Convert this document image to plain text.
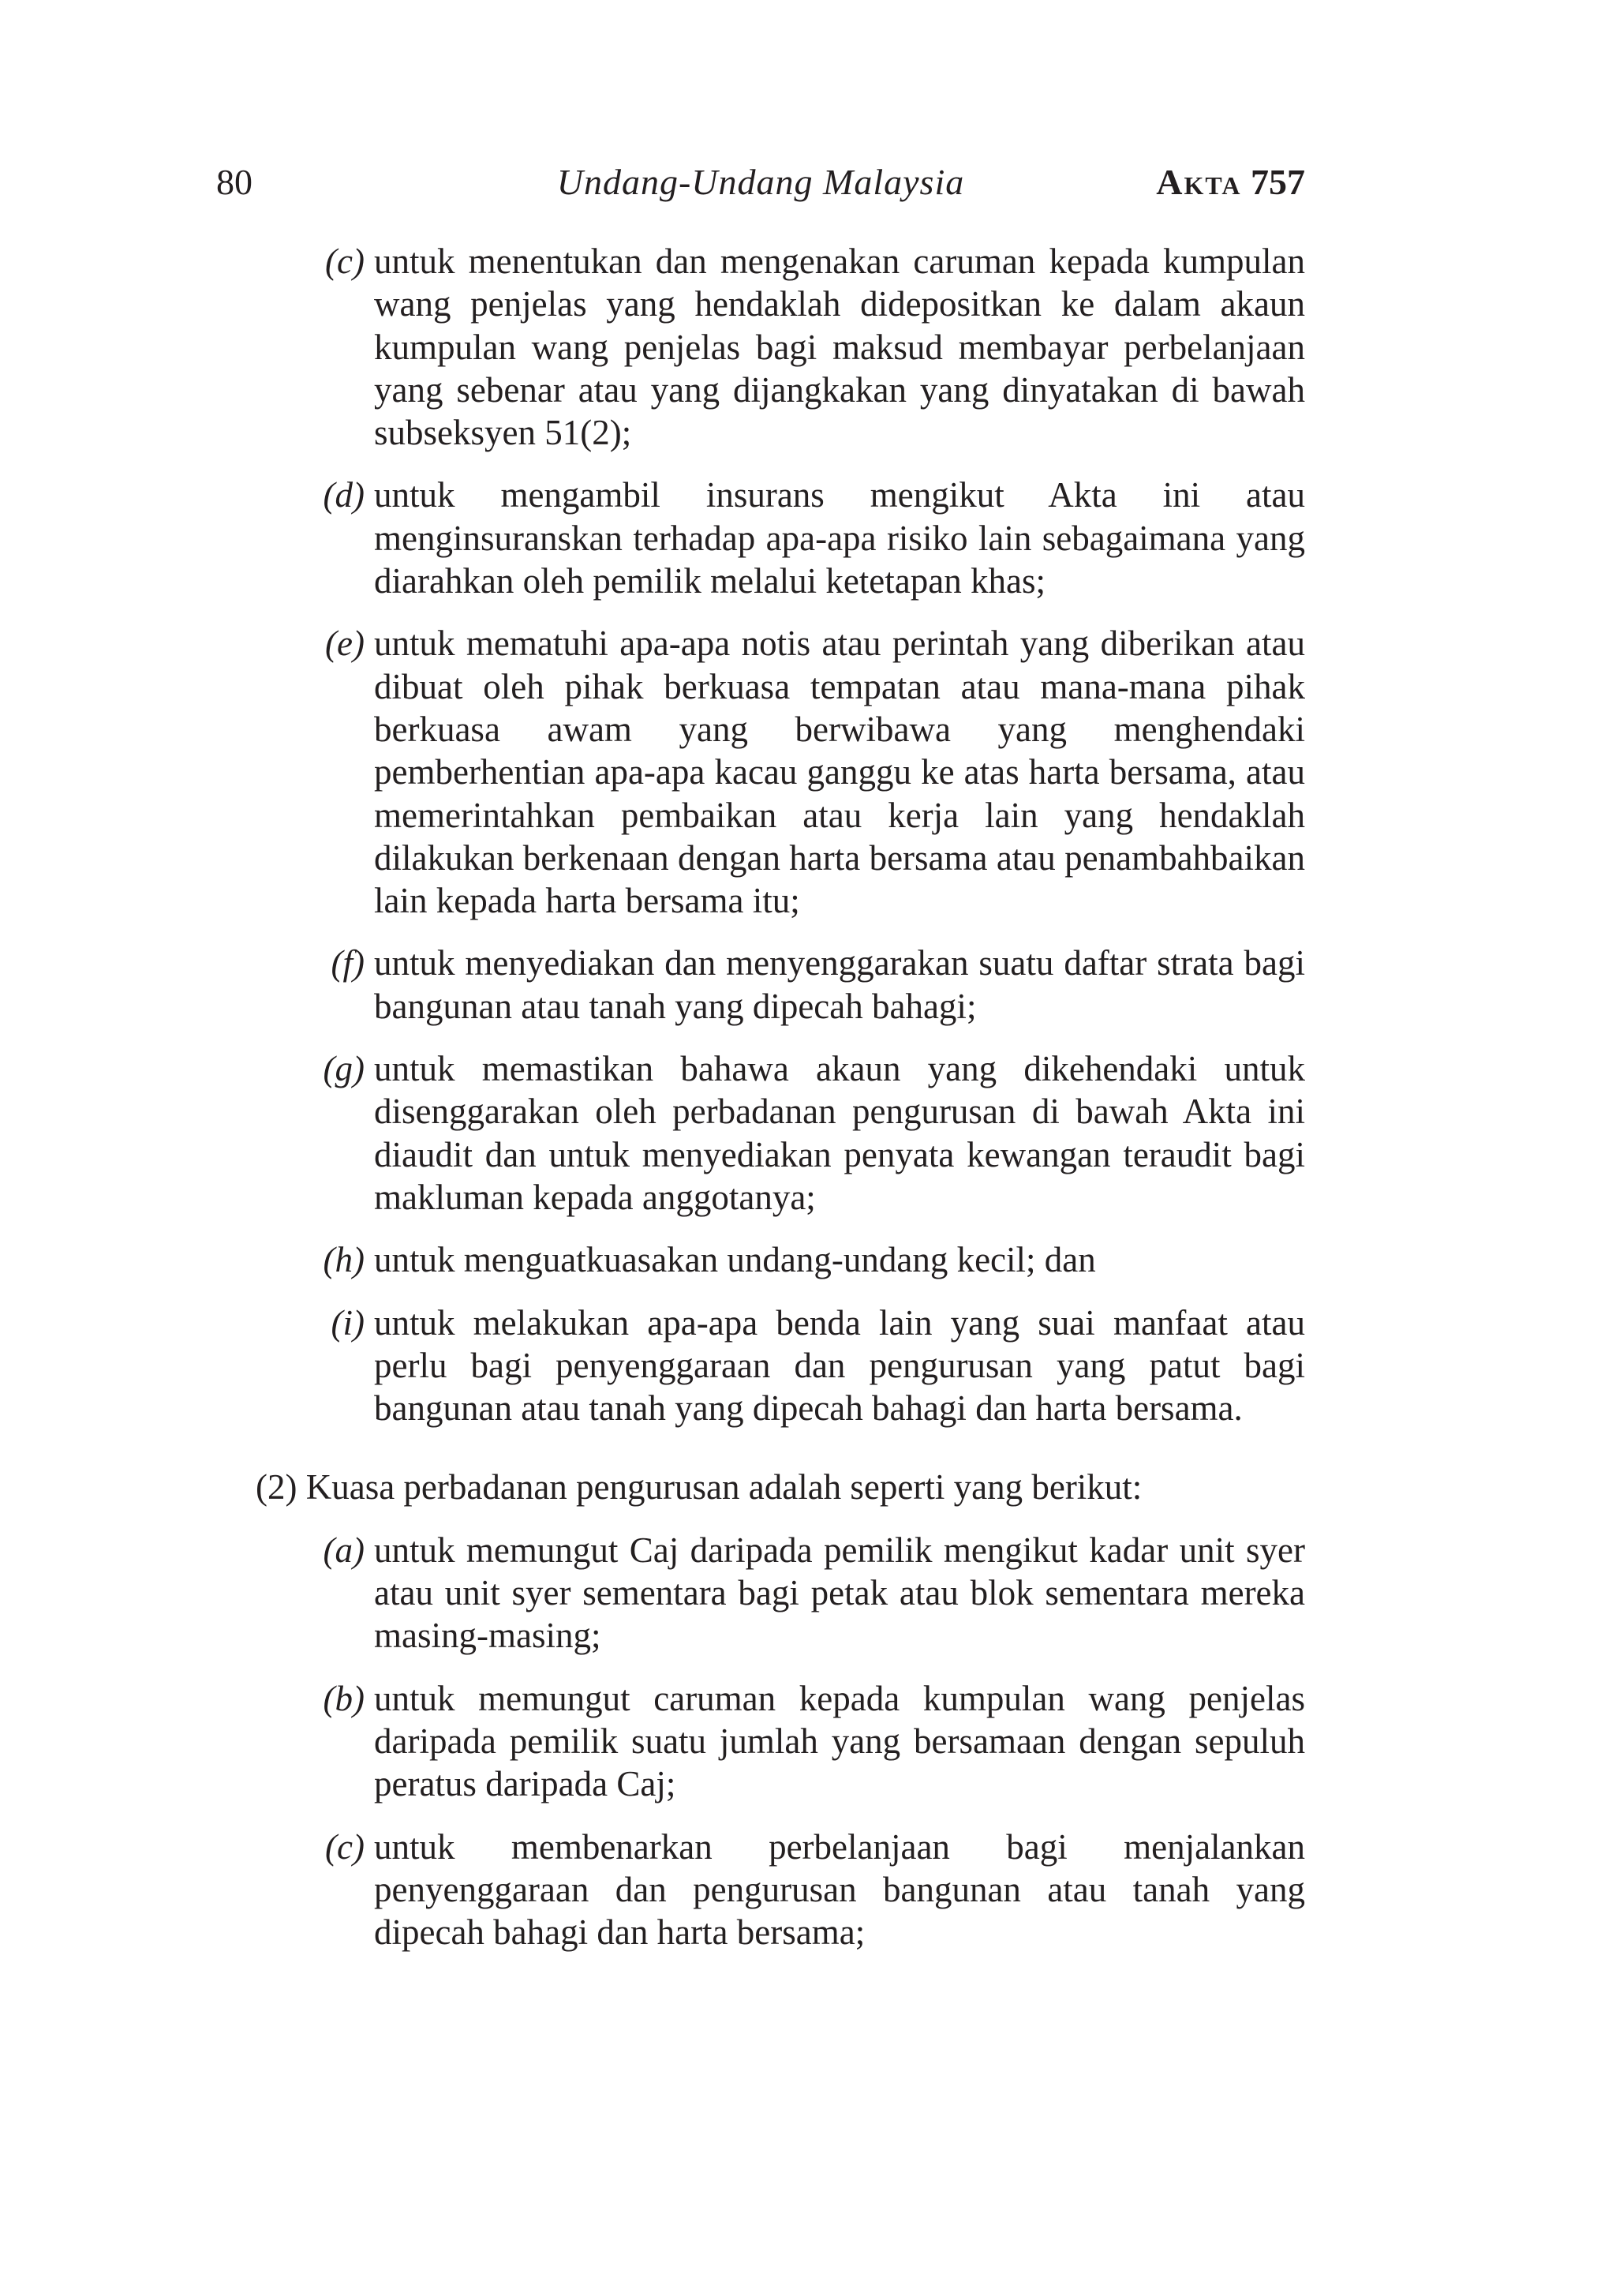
80	Undang-Undang Malaysia	Akta 757
(c) untuk menentukan dan mengenakan caruman kepada kumpulan wang penjelas yang hendaklah didepositkan ke dalam akaun kumpulan wang penjelas bagi maksud membayar perbelanjaan yang sebenar atau yang dijangkakan yang dinyatakan di bawah subseksyen 51(2);
(d) untuk mengambil insurans mengikut Akta ini atau menginsuranskan terhadap apa-apa risiko lain sebagaimana yang diarahkan oleh pemilik melalui ketetapan khas;
(e) untuk mematuhi apa-apa notis atau perintah yang diberikan atau dibuat oleh pihak berkuasa tempatan atau mana-mana pihak berkuasa awam yang berwibawa yang menghendaki pemberhentian apa-apa kacau ganggu ke atas harta bersama, atau memerintahkan pembaikan atau kerja lain yang hendaklah dilakukan berkenaan dengan harta bersama atau penambahbaikan lain kepada harta bersama itu;
(f) untuk menyediakan dan menyenggarakan suatu daftar strata bagi bangunan atau tanah yang dipecah bahagi;
(g) untuk memastikan bahawa akaun yang dikehendaki untuk disenggarakan oleh perbadanan pengurusan di bawah Akta ini diaudit dan untuk menyediakan penyata kewangan teraudit bagi makluman kepada anggotanya;
(h) untuk menguatkuasakan undang-undang kecil; dan
(i) untuk melakukan apa-apa benda lain yang suai manfaat atau perlu bagi penyenggaraan dan pengurusan yang patut bagi bangunan atau tanah yang dipecah bahagi dan harta bersama.

(2) Kuasa perbadanan pengurusan adalah seperti yang berikut:

(a) untuk memungut Caj daripada pemilik mengikut kadar unit syer atau unit syer sementara bagi petak atau blok sementara mereka masing-masing;
(b) untuk memungut caruman kepada kumpulan wang penjelas daripada pemilik suatu jumlah yang bersamaan dengan sepuluh peratus daripada Caj;
(c) untuk membenarkan perbelanjaan bagi menjalankan penyenggaraan dan pengurusan bangunan atau tanah yang dipecah bahagi dan harta bersama;
